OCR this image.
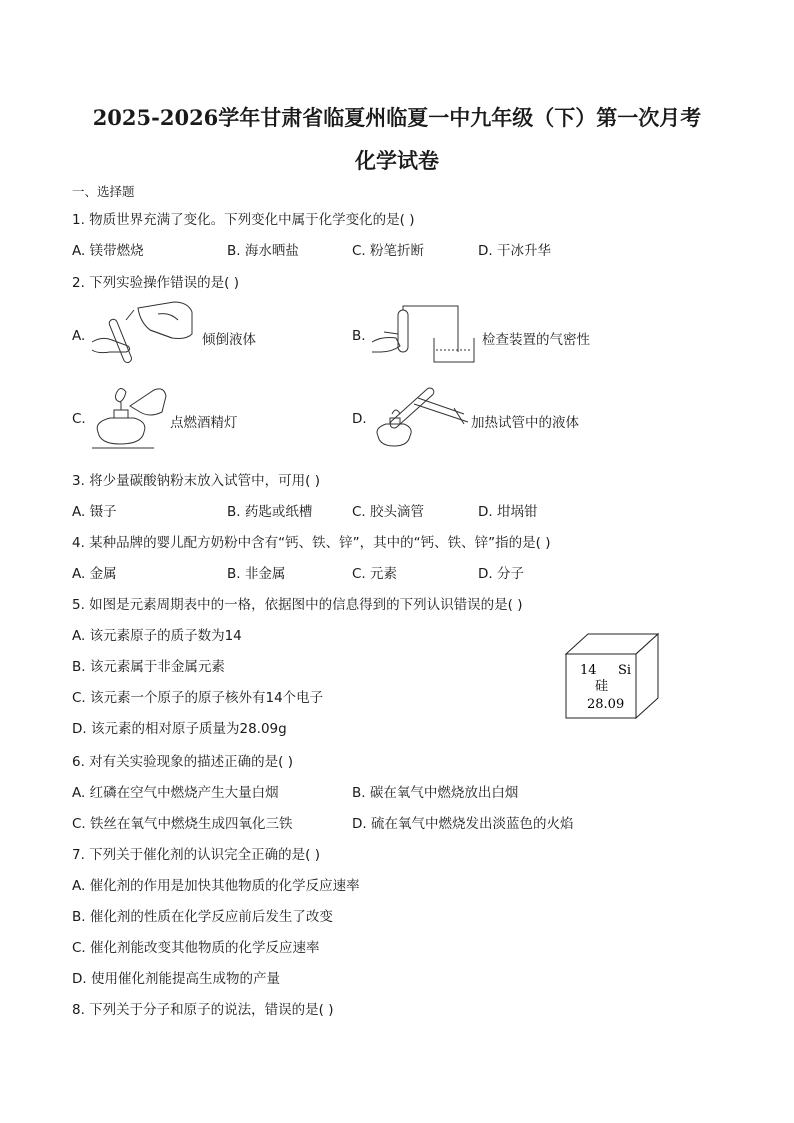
2025-2026学年甘肃省临夏州临夏一中九年级（下）第一次月考
化学试卷
一、选择题
1. 物质世界充满了变化。下列变化中属于化学变化的是( )
A. 镁带燃烧	B. 海水晒盐	C. 粉笔折断	D. 干冰升华
2. 下列实验操作错误的是( )
A.	倾倒液体	B.	检查装置的气密性
C.	点燃酒精灯	D.	加热试管中的液体
3. 将少量碳酸钠粉末放入试管中，可用( )
A. 镊子	B. 药匙或纸槽	C. 胶头滴管	D. 坩埚钳
4. 某种品牌的婴儿配方奶粉中含有“钙、铁、锌”，其中的“钙、铁、锌”指的是( )
A. 金属	B. 非金属	C. 元素	D. 分子
5. 如图是元素周期表中的一格，依据图中的信息得到的下列认识错误的是( )
A. 该元素原子的质子数为14
B. 该元素属于非金属元素
C. 该元素一个原子的原子核外有14个电子
D. 该元素的相对原子质量为28.09g
14 Si
硅
28.09
6. 对有关实验现象的描述正确的是( )
A. 红磷在空气中燃烧产生大量白烟	B. 碳在氧气中燃烧放出白烟
C. 铁丝在氧气中燃烧生成四氧化三铁	D. 硫在氧气中燃烧发出淡蓝色的火焰
7. 下列关于催化剂的认识完全正确的是( )
A. 催化剂的作用是加快其他物质的化学反应速率
B. 催化剂的性质在化学反应前后发生了改变
C. 催化剂能改变其他物质的化学反应速率
D. 使用催化剂能提高生成物的产量
8. 下列关于分子和原子的说法，错误的是( )
